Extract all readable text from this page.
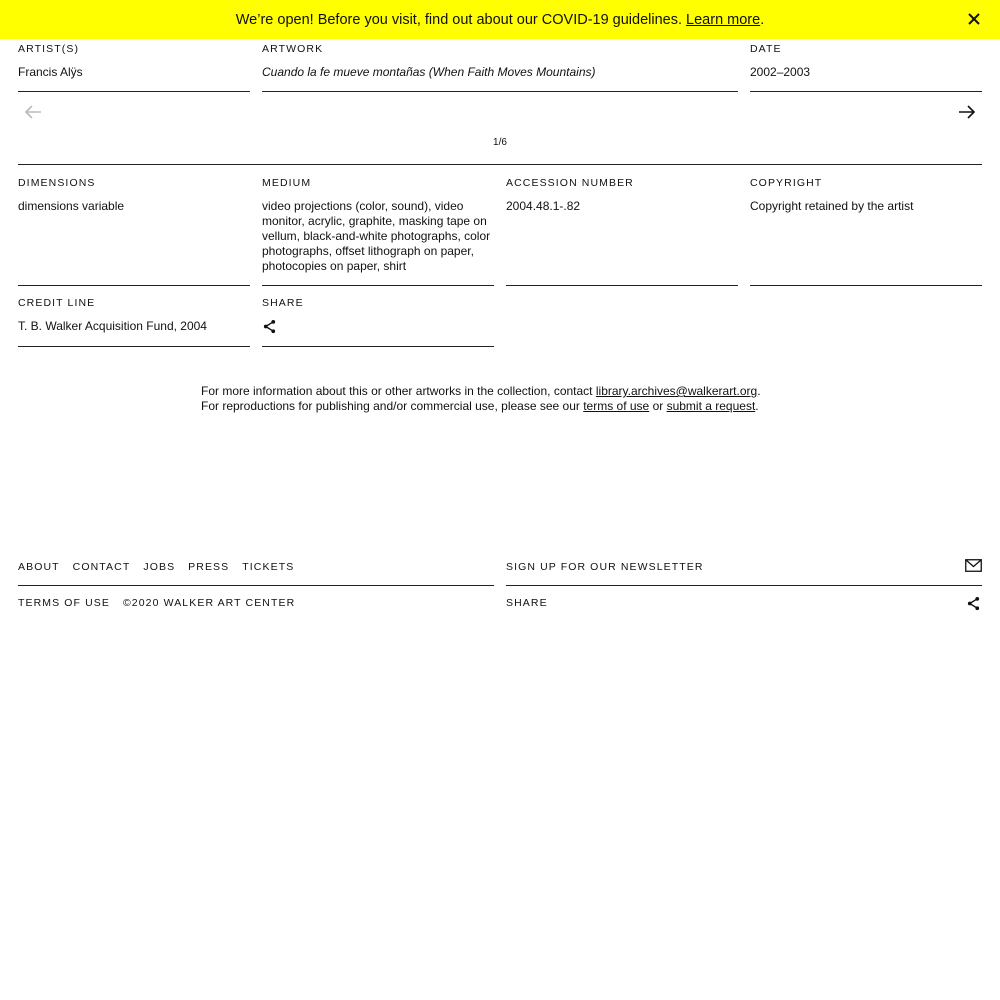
We’re open! Before you visit, find out about our COVID-19 guidelines.
Learn more .
ARTIST(S)
Francis Alÿs
ARTWORK
Cuando la fe mueve montañas (When Faith Moves Mountains)
DATE
2002–2003
1/6
DIMENSIONS
dimensions variable
MEDIUM
video projections (color, sound), video monitor, acrylic, graphite, masking tape on vellum, black-and-white photographs, color photographs, offset lithograph on paper, photocopies on paper, shirt
ACCESSION NUMBER
2004.48.1-.82
COPYRIGHT
Copyright retained by the artist
CREDIT LINE
T. B. Walker Acquisition Fund, 2004
SHARE
For more information about this or other artworks in the collection, contact library.archives@walkerart.org. For reproductions for publishing and/or commercial use, please see our terms of use or submit a request.
ABOUT CONTACT JOBS PRESS TICKETS
TERMS OF USE ©2020 WALKER ART CENTER
SIGN UP FOR OUR NEWSLETTER
SHARE
